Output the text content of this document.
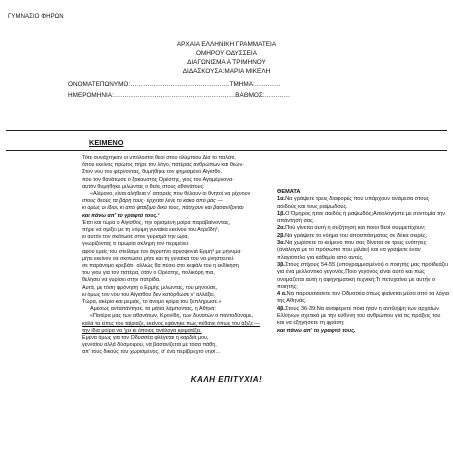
ΓΥΜΝΑΣΙΟ ΦΗΡΩΝ
ΑΡΧΑΙΑ ΕΛΛΗΝΙΚΗ ΓΡΑΜΜΑΤΕΙΑ
ΟΜΗΡΟΥ ΟΔΥΣΣΕΙΑ
ΔΙΑΓΩΝΙΣΜΑ Α ΤΡΙΜΗΝΟΥ
ΔΙΔΑΣΚΟΥΣΑ:ΜΑΡΙΑ ΜΙΚΕΛΗ
ΟΝΟΜΑΤΕΠΩΝΥΜΟ:………………………………………..ΤΜΗΜΑ:…………
ΗΜΕΡΟΜΗΝΙΑ:…………………………………………………ΒΑΘΜΟΣ:…………
ΚΕΙΜΕΝΟ
Τότε συνάχτηκαν οι υπόλοιποι θεοί στου ολύμπιου Δία το παλάτι,
όπου εκείνος πρώτος πήρε τον λόγο, πατέρας ανθρώπων και θεών·
Στον νου του φέρνοντας, θυμήθηκε τον φημισμένο Αίγισθο,
που τον θανάτωσε ο ξακουστός Ορέστης, γιος του Αγαμέμνονα·
αυτόν θυμήθηκε μιλώντας ο θεός στους αθανάτους:
«Αλίμονο, είναι αλήθεια ν' απορείς που θέλουν οι θνητοί να ρίχνουν
στους θεούς τα βάρη τους· έρχεται λένε το κακό από μας —
κι όμως οι ίδιοι, κι από φταίξιμο δικό τους, πάσχουν και βασανίζονται
και πάνω απ' το γραφτό τους.¹
Έτσι και τώρα ο Αίγισθος, την ορισμένη μοίρα παραβαίνοντας,
πήρε να σμίξει με τη νόμιμη γυναίκα εκείνου του Ατρεΐδη²,
κι αυτόν τον σκότωσε στον γυρισμό την ώρα,
γνωρίζοντας τι τιμωρία σκληρή τον περιμένει·
αφού εμείς του στείλαμε τον άγρυπνο αργοφονιά Ερμή³ με μήνυμα
μήτε εκείνον να σκοτώσει μήτε και τη γυναίκα του να μνηστευτεί·
σε παράνομο κρεβάτι· αλλιώς θα πέσει στο κεφάλι του η εκδίκηση
του γιου για τον πατέρα, όταν ο Ορέστης, πολικόρη πια,
θελήσει να γυρίσει στην πατρίδα.
Αυτά, με τόση φρόνηση ο Ερμής μιλώντας, του μηνούσε,
κι όμως τον νου του Αίγισθου δεν κατόρθωσε ν' αλλάξει.
Τώρα, ακέριο και μεμιάς, το άνομο κρίμα του ξεπλήρωσε.»
Αμέσως ανταπάντησε, τα μάτια λάμποντας, η Αθηνά:
«Πατέρα μας των αθανάτων, Κρονίδη, των δυνατών ο παντοδύναμε,
καλά τα είπες του ταίριαζε, εκείνος εφάνηκε πως πέθανε όπως του άξιζε —
την ίδια μοίρα να 'χει κι όποιος ανάλογα κριματίζει.
Εμένα όμως για τον Οδυσσέα φλέγεται η καρδιά μου,
γενναίου αλλά δύσμοιρου, να βασανίζεται με τόσα πάθη,
απ' τους δικούς του χωρισμένος, σ' ένα περίβρεχτο νησί…
ΘΕΜΑΤΑ
1α.Να γράψετε τρεις διαφορές που υπάρχουν ανάμεσα στους αοιδούς και τους ραψωδούς.
1β.Ο Όμηρος ήταν αοιδός ή ραψωδός;Αιτιολογήστε με συντομία την απάντησή σας.
2α.Πού γίνεται αυτή η συζήτηση και ποιοι θεοί συμμετέχουν;
2β.Να γράψετε το νόημα του αποσπάσματος σε δέκα σειρές.
3α.Να χωρίσετε το κείμενο που σας δίνεται σε τρεις ενότητες (ανάλογα με το πρόσωπο που μιλάει) και να γράψετε έναν πλαγιότιτλο για κάθεμία από αυτές.
3β.Στους στίχους 54-55 (υπογραμμισμένοι) ο ποιητής μας προϊδεάζει για ένα μελλοντικό γεγονός.Ποιο γεγονός είναι αυτό και πώς ονομάζεται αυτή η αφηγηματική τεχνική;Τι πετυχαίνει με αυτήν ο ποιητής;
4 α.Να παρουσιάσετε τον Οδυσσέα όπως φαίνεται μέσα από τα λόγια της Αθηνάς.
4β.Στους 36-39:Να αναφέρετε ποια ήταν η αντίληψη των αρχαίων Ελλήνων σχετικά με την ευθύνη του ανθρώπου για τις πράξεις του και να εξηγήσετε τη φράση:
και πάνω απ' το γραφτό τους.
ΚΑΛΗ ΕΠΙΤΥΧΙΑ!
